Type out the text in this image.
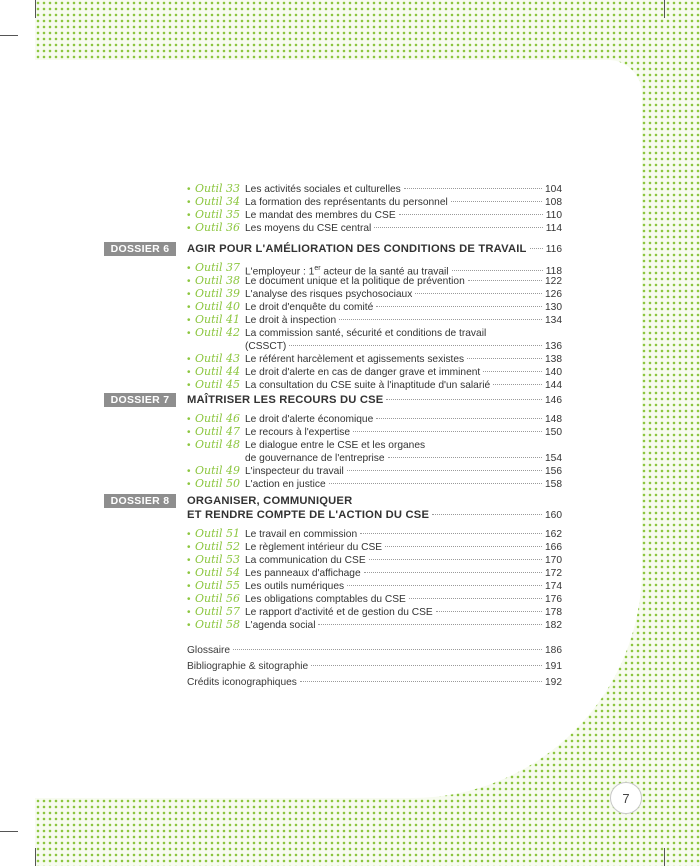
• Outil 33 Les activités sociales et culturelles	104
• Outil 34 La formation des représentants du personnel	108
• Outil 35 Le mandat des membres du CSE	110
• Outil 36 Les moyens du CSE central	114
DOSSIER 6	AGIR POUR L'AMÉLIORATION DES CONDITIONS DE TRAVAIL 116
• Outil 37 L'employeur : 1er acteur de la santé au travail	118
• Outil 38 Le document unique et la politique de prévention	122
• Outil 39 L'analyse des risques psychosociaux	126
• Outil 40 Le droit d'enquête du comité	130
• Outil 41 Le droit à inspection	134
• Outil 42 La commission santé, sécurité et conditions de travail
(CSSCT)	136
• Outil 43 Le référent harcèlement et agissements sexistes	138
• Outil 44 Le droit d'alerte en cas de danger grave et imminent	140
• Outil 45 La consultation du CSE suite à l'inaptitude d'un salarié	144
DOSSIER 7	MAÎTRISER LES RECOURS DU CSE	146
• Outil 46 Le droit d'alerte économique	148
• Outil 47 Le recours à l'expertise	150
• Outil 48 Le dialogue entre le CSE et les organes
de gouvernance de l'entreprise	154
• Outil 49 L'inspecteur du travail	156
• Outil 50 L'action en justice	158
DOSSIER 8	ORGANISER, COMMUNIQUER
ET RENDRE COMPTE DE L'ACTION DU CSE	160
• Outil 51 Le travail en commission	162
• Outil 52 Le règlement intérieur du CSE	166
• Outil 53 La communication du CSE	170
• Outil 54 Les panneaux d'affichage	172
• Outil 55 Les outils numériques	174
• Outil 56 Les obligations comptables du CSE	176
• Outil 57 Le rapport d'activité et de gestion du CSE	178
• Outil 58 L'agenda social	182
Glossaire	186
Bibliographie & sitographie	191
Crédits iconographiques	192
7
